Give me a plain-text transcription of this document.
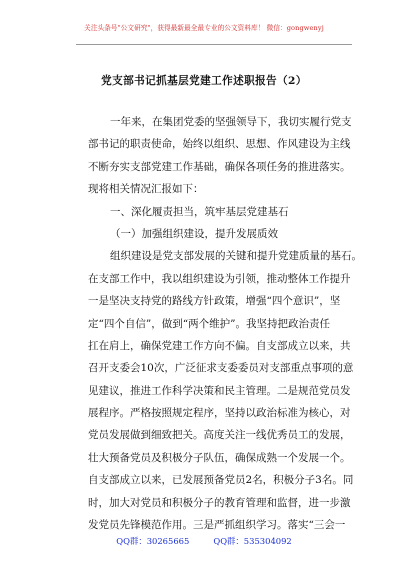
关注头条号"公文研究"，获得最新最全最专业的公文资料库！ 微信：gongwenyj
党支部书记抓基层党建工作述职报告（2）
一年来，在集团党委的坚强领导下，我切实履行党支
部书记的职责使命，始终以组织、思想、作风建设为主线
不断夯实支部党建工作基础，确保各项任务的推进落实。
现将相关情况汇报如下：
一、深化履责担当，筑牢基层党建基石
（一）加强组织建设，提升发展质效
组织建设是党支部发展的关键和提升党建质量的基石。
在支部工作中，我以组织建设为引领，推动整体工作提升
一是坚决支持党的路线方针政策，增强“四个意识”，坚
定“四个自信”，做到“两个维护”。我坚持把政治责任
扛在肩上，确保党建工作方向不偏。自支部成立以来，共
召开支委会10次，广泛征求支委委员对支部重点事项的意
见建议，推进工作科学决策和民主管理。二是规范党员发
展程序。严格按照规定程序，坚持以政治标准为核心，对
党员发展做到细致把关。高度关注一线优秀员工的发展，
壮大预备党员及积极分子队伍，确保成熟一个发展一个。
自支部成立以来，已发展预备党员2名，积极分子3名。同
时，加大对党员和积极分子的教育管理和监督，进一步激
发党员先锋模范作用。三是严抓组织学习。落实“三会一
QQ群：30265665	QQ群：535304092
